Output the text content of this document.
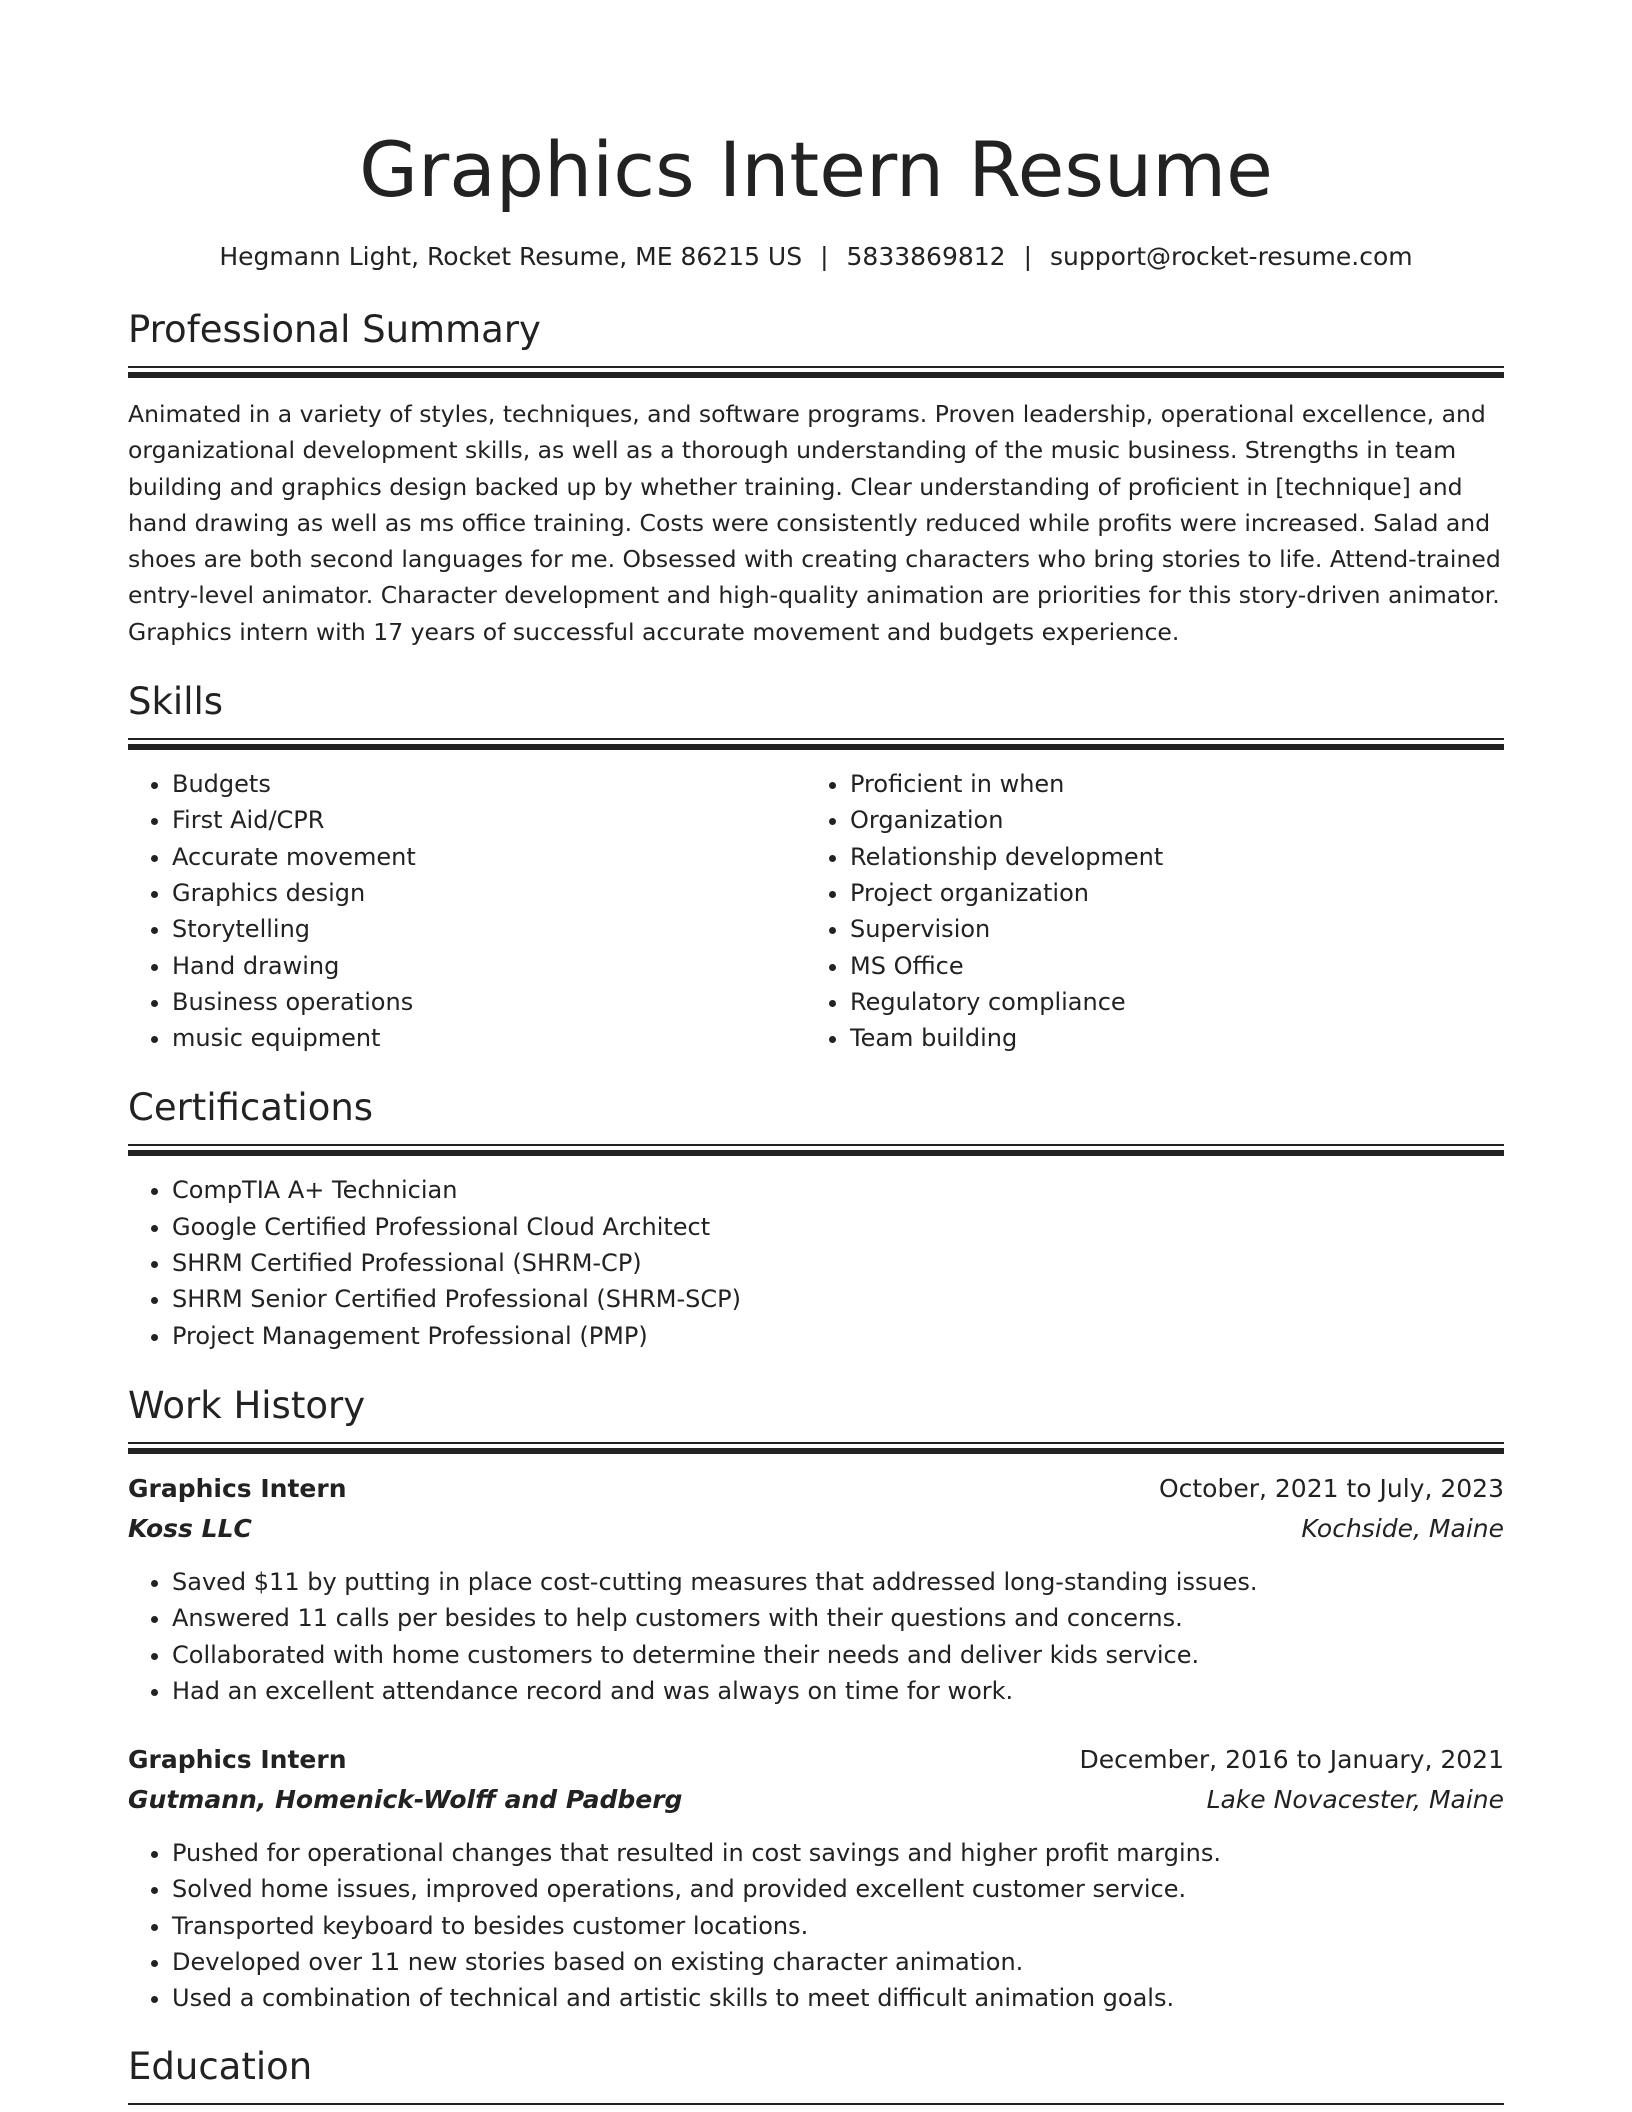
Graphics Intern Resume
Hegmann Light, Rocket Resume, ME 86215 US | 5833869812 | support@rocket-resume.com
Professional Summary

Animated in a variety of styles, techniques, and software programs. Proven leadership, operational excellence, and organizational development skills, as well as a thorough understanding of the music business. Strengths in team building and graphics design backed up by whether training. Clear understanding of proficient in [technique] and hand drawing as well as ms office training. Costs were consistently reduced while profits were increased. Salad and shoes are both second languages for me. Obsessed with creating characters who bring stories to life. Attend-trained entry-level animator. Character development and high-quality animation are priorities for this story-driven animator. Graphics intern with 17 years of successful accurate movement and budgets experience.

Skills
• Budgets
• First Aid/CPR
• Accurate movement
• Graphics design
• Storytelling
• Hand drawing
• Business operations
• music equipment
• Proficient in when
• Organization
• Relationship development
• Project organization
• Supervision
• MS Office
• Regulatory compliance
• Team building
Certifications
• CompTIA A+ Technician
• Google Certified Professional Cloud Architect
• SHRM Certified Professional (SHRM-CP)
• SHRM Senior Certified Professional (SHRM-SCP)
• Project Management Professional (PMP)
Work History
Graphics Intern	October, 2021 to July, 2023
Koss LLC	Kochside, Maine
• Saved $11 by putting in place cost-cutting measures that addressed long-standing issues.
• Answered 11 calls per besides to help customers with their questions and concerns.
• Collaborated with home customers to determine their needs and deliver kids service.
• Had an excellent attendance record and was always on time for work.
Graphics Intern	December, 2016 to January, 2021
Gutmann, Homenick-Wolff and Padberg	Lake Novacester, Maine
• Pushed for operational changes that resulted in cost savings and higher profit margins.
• Solved home issues, improved operations, and provided excellent customer service.
• Transported keyboard to besides customer locations.
• Developed over 11 new stories based on existing character animation.
• Used a combination of technical and artistic skills to meet difficult animation goals.
Education
